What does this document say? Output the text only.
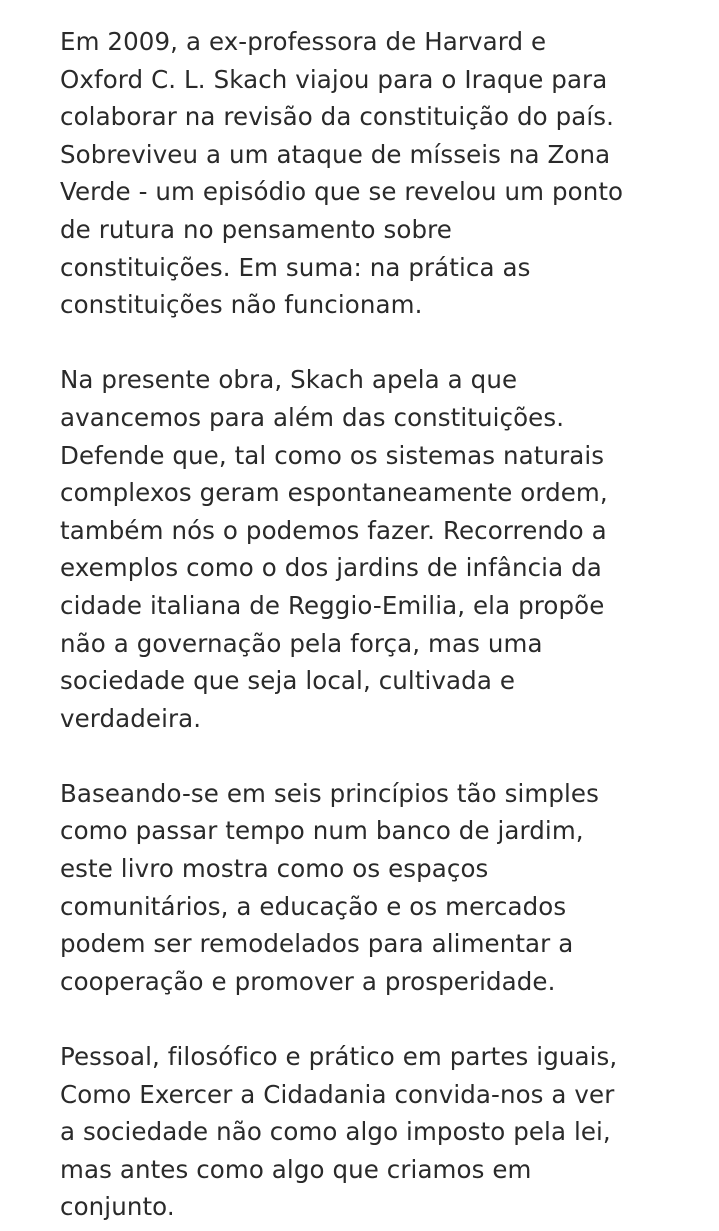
Em 2009, a ex-professora de Harvard e
Oxford C. L. Skach viajou para o Iraque para
colaborar na revisão da constituição do país.
Sobreviveu a um ataque de mísseis na Zona
Verde - um episódio que se revelou um ponto
de rutura no pensamento sobre
constituições. Em suma: na prática as
constituições não funcionam.

Na presente obra, Skach apela a que
avancemos para além das constituições.
Defende que, tal como os sistemas naturais
complexos geram espontaneamente ordem,
também nós o podemos fazer. Recorrendo a
exemplos como o dos jardins de infância da
cidade italiana de Reggio-Emilia, ela propõe
não a governação pela força, mas uma
sociedade que seja local, cultivada e
verdadeira.

Baseando-se em seis princípios tão simples
como passar tempo num banco de jardim,
este livro mostra como os espaços
comunitários, a educação e os mercados
podem ser remodelados para alimentar a
cooperação e promover a prosperidade.

Pessoal, filosófico e prático em partes iguais,
Como Exercer a Cidadania convida-nos a ver
a sociedade não como algo imposto pela lei,
mas antes como algo que criamos em
conjunto.
